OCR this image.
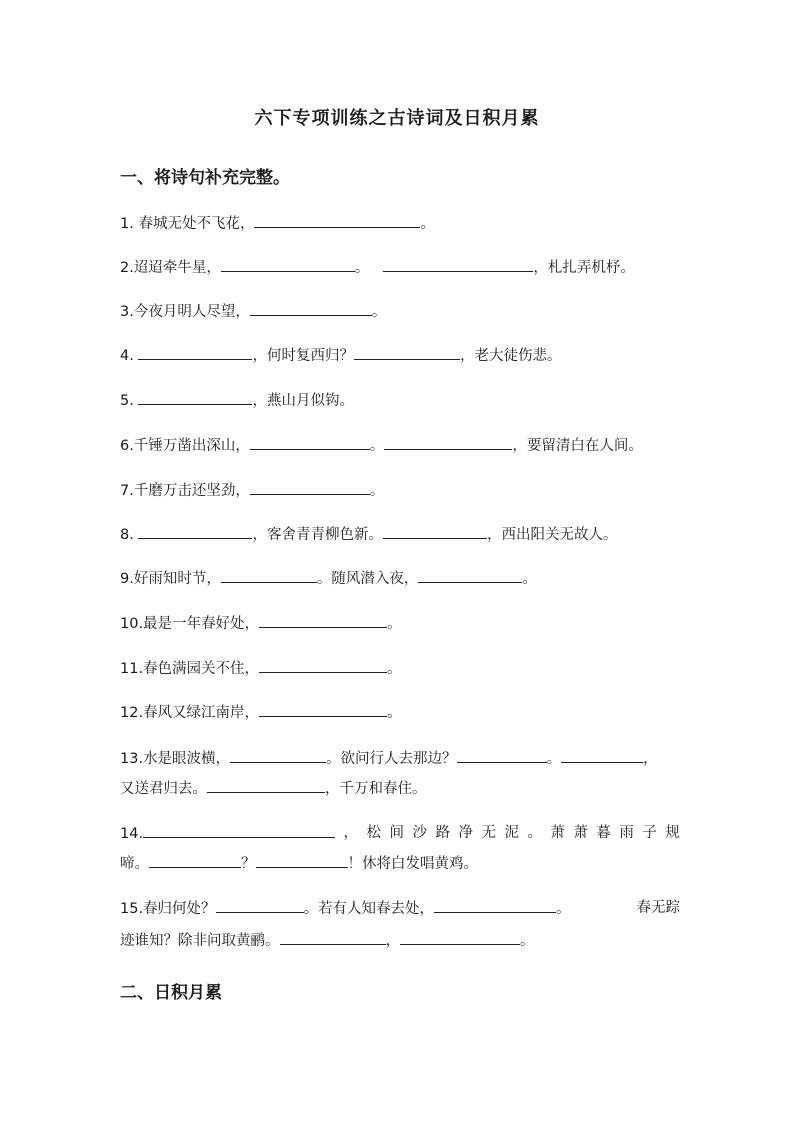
六下专项训练之古诗词及日积月累
一、将诗句补充完整。
1. 春城无处不飞花，	。
2.迢迢牵牛星，	。	，札扎弄机杼。
3.今夜月明人尽望，	。
4.	，何时复西归？	，老大徒伤悲。
5.	，燕山月似钩。
6.千锤万凿出深山，	。	，要留清白在人间。
7.千磨万击还坚劲，	。
8.	，客舍青青柳色新。	，西出阳关无故人。
9.好雨知时节，	。随风潜入夜，	。
10.最是一年春好处，	。
11.春色满园关不住，	。
12.春风又绿江南岸，	。
13.水是眼波横，	。欲问行人去那边？	。	，
又送君归去。	，千万和春住。
14.	， 松 间 沙 路 净 无 泥 。 萧 萧 暮 雨 子 规
啼。	？	！休将白发唱黄鸡。
15.春归何处？	。若有人知春去处，	。	春无踪
迹谁知？除非问取黄鹂。	，	。
二、日积月累
